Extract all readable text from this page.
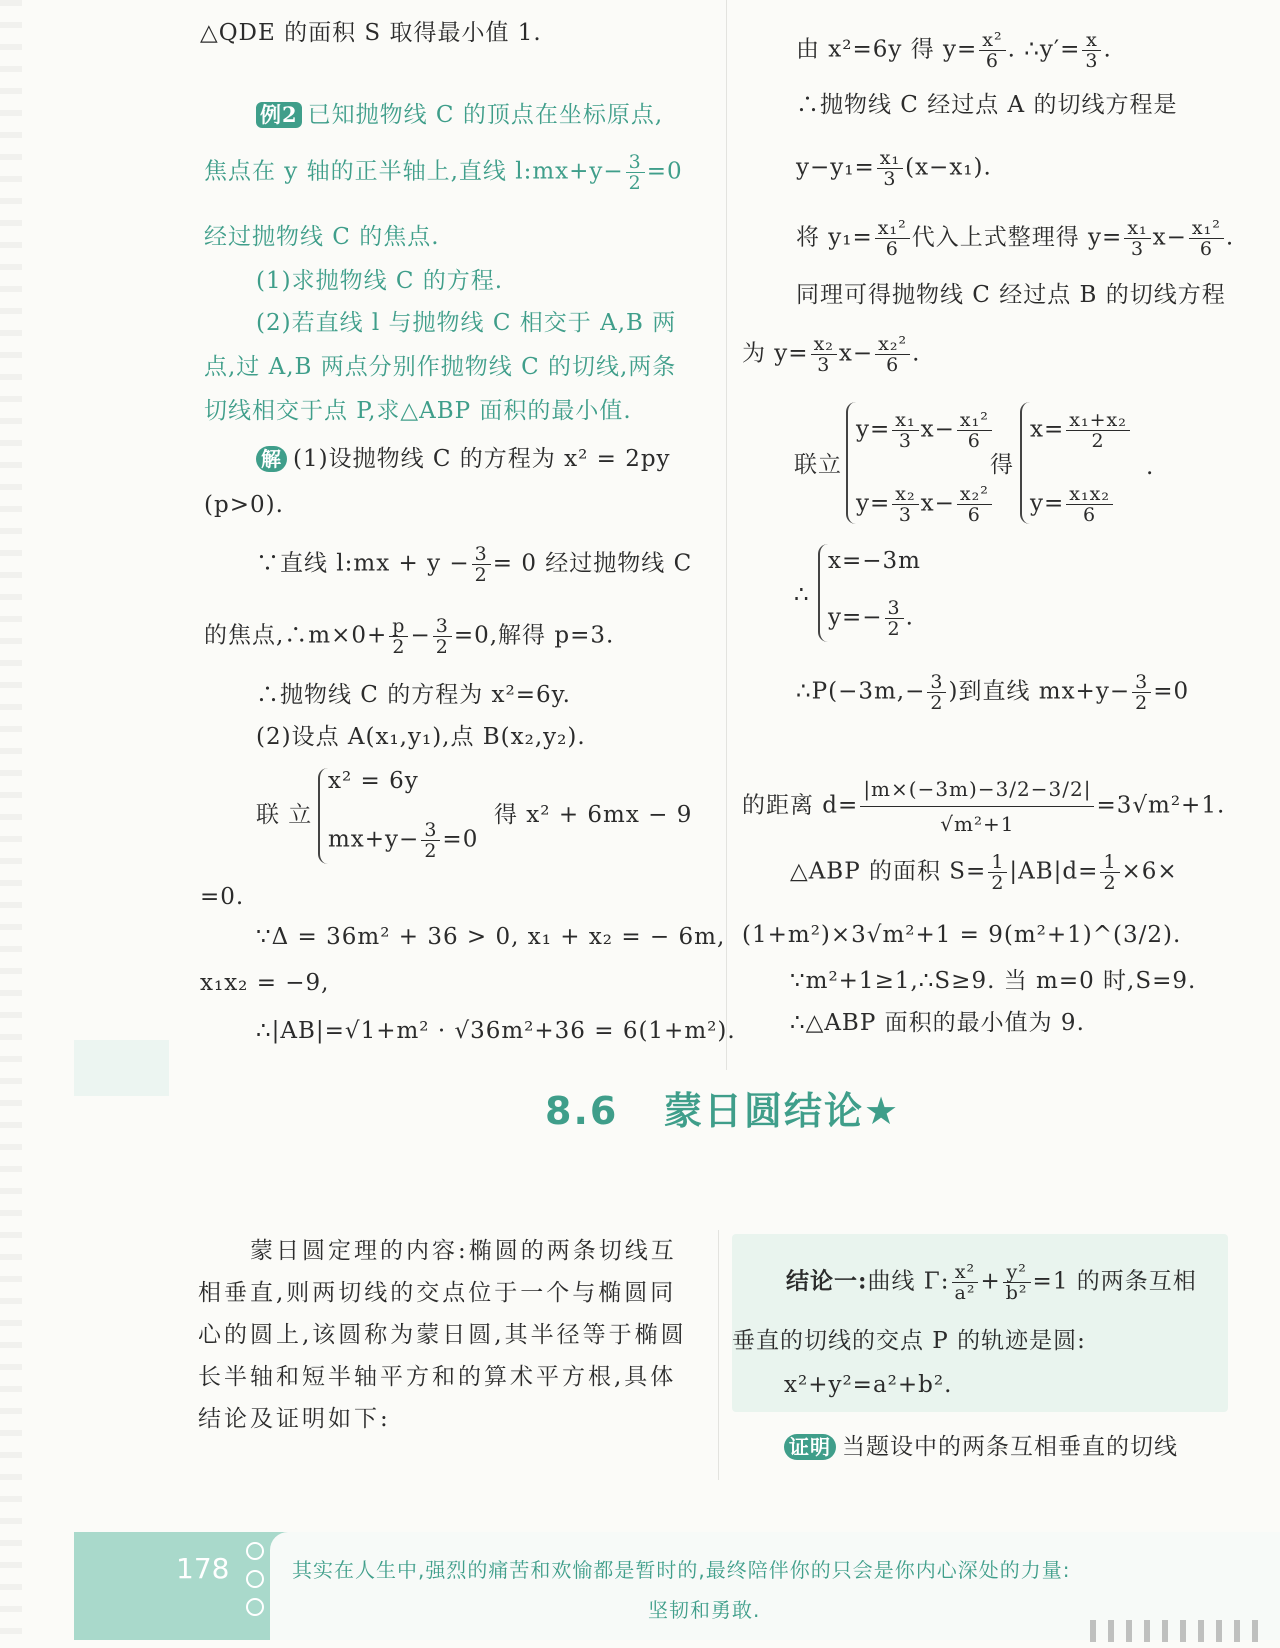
△QDE 的面积 S 取得最小值 1.
例2 已知抛物线 C 的顶点在坐标原点,
焦点在 y 轴的正半轴上,直线 l:mx+y− $\frac{3}{2} =0$
经过抛物线 C 的焦点.
(1)求抛物线 C 的方程.
(2)若直线 l 与抛物线 C 相交于 A,B 两
点,过 A,B 两点分别作抛物线 C 的切线,两条
切线相交于点 P,求△ABP 面积的最小值.
解 (1)设抛物线 C 的方程为 x² = 2py
(p>0).
∵直线 l:mx + $y - \frac{3}{2} = 0$ 经过抛物线 C
的焦点,∴m×0+ $\frac{p}{2} - \frac{3}{2} =0$,解得 p=3.
∴抛物线 C 的方程为 x²=6y.
(2)设点 A(x₁,y₁),点 B(x₂,y₂).
联 立
x² = 6y
$mx+y- \frac{3}{2} =0$
得 x² + 6mx − 9
=0.
∵Δ = 36m² + 36 > 0, x₁ + x₂ = − 6m,
x₁x₂ = −9,
∴|AB|=√1+m² · √36m²+36 = 6(1+m²).
由 x²=6y 得 $y= \frac{\text{x²}}{6}$ . ∴y′= $\frac{x}{3}$ .
∴抛物线 C 经过点 A 的切线方程是
$y-y_1= \frac{\text{x₁}}{3} (x-x_1)$.
将 $y_1= \frac{\text{x₁²}}{6}$ 代入上式整理得 $y= \frac{\text{x₁}}{3} x- \frac{\text{x₁²}}{6}$ .
同理可得抛物线 C 经过点 B 的切线方程
为 $y= \frac{\text{x₂}}{3} x- \frac{\text{x₂²}}{6}$ .
联立
$y= \frac{\text{x₁}}{3} x- \frac{\text{x₁²}}{6}$
$y= \frac{\text{x₂}}{3} x- \frac{\text{x₂²}}{6}$
得
$x= \frac{\text{x₁+x₂}}{2}$
$y= \frac{\text{x₁x₂}}{6}$
.
∴
x=−3m
$y=- \frac{3}{2}$ .
∴P(−3m,− $\frac{3}{2}$ )到直线 $mx+y- \frac{3}{2} =0$
的距离 $d= \frac{|m\times(-3m)-3/2-3/2|}{\text{√m²+1}} =3√m^2+1$.
△ABP 的面积 $S= \frac{1}{2} |AB|d= \frac{1}{2} \times 6\times$
(1+m²)×3√m²+1 = 9(m²+1)^(3/2).
∵m²+1≥1,∴S≥9. 当 m=0 时,S=9.
∴△ABP 面积的最小值为 9.
8.6 蒙日圆结论★
蒙日圆定理的内容:椭圆的两条切线互
相垂直,则两切线的交点位于一个与椭圆同
心的圆上,该圆称为蒙日圆,其半径等于椭圆
长半轴和短半轴平方和的算术平方根,具体
结论及证明如下:
结论一:曲线 Γ: $\frac{\text{x²}}{\text{a²}} + \frac{\text{y²}}{\text{b²}} =1$ 的两条互相
垂直的切线的交点 P 的轨迹是圆:
x²+y²=a²+b².
证明 当题设中的两条互相垂直的切线
178	其实在人生中,强烈的痛苦和欢愉都是暂时的,最终陪伴你的只会是你内心深处的力量:
坚韧和勇敢.
